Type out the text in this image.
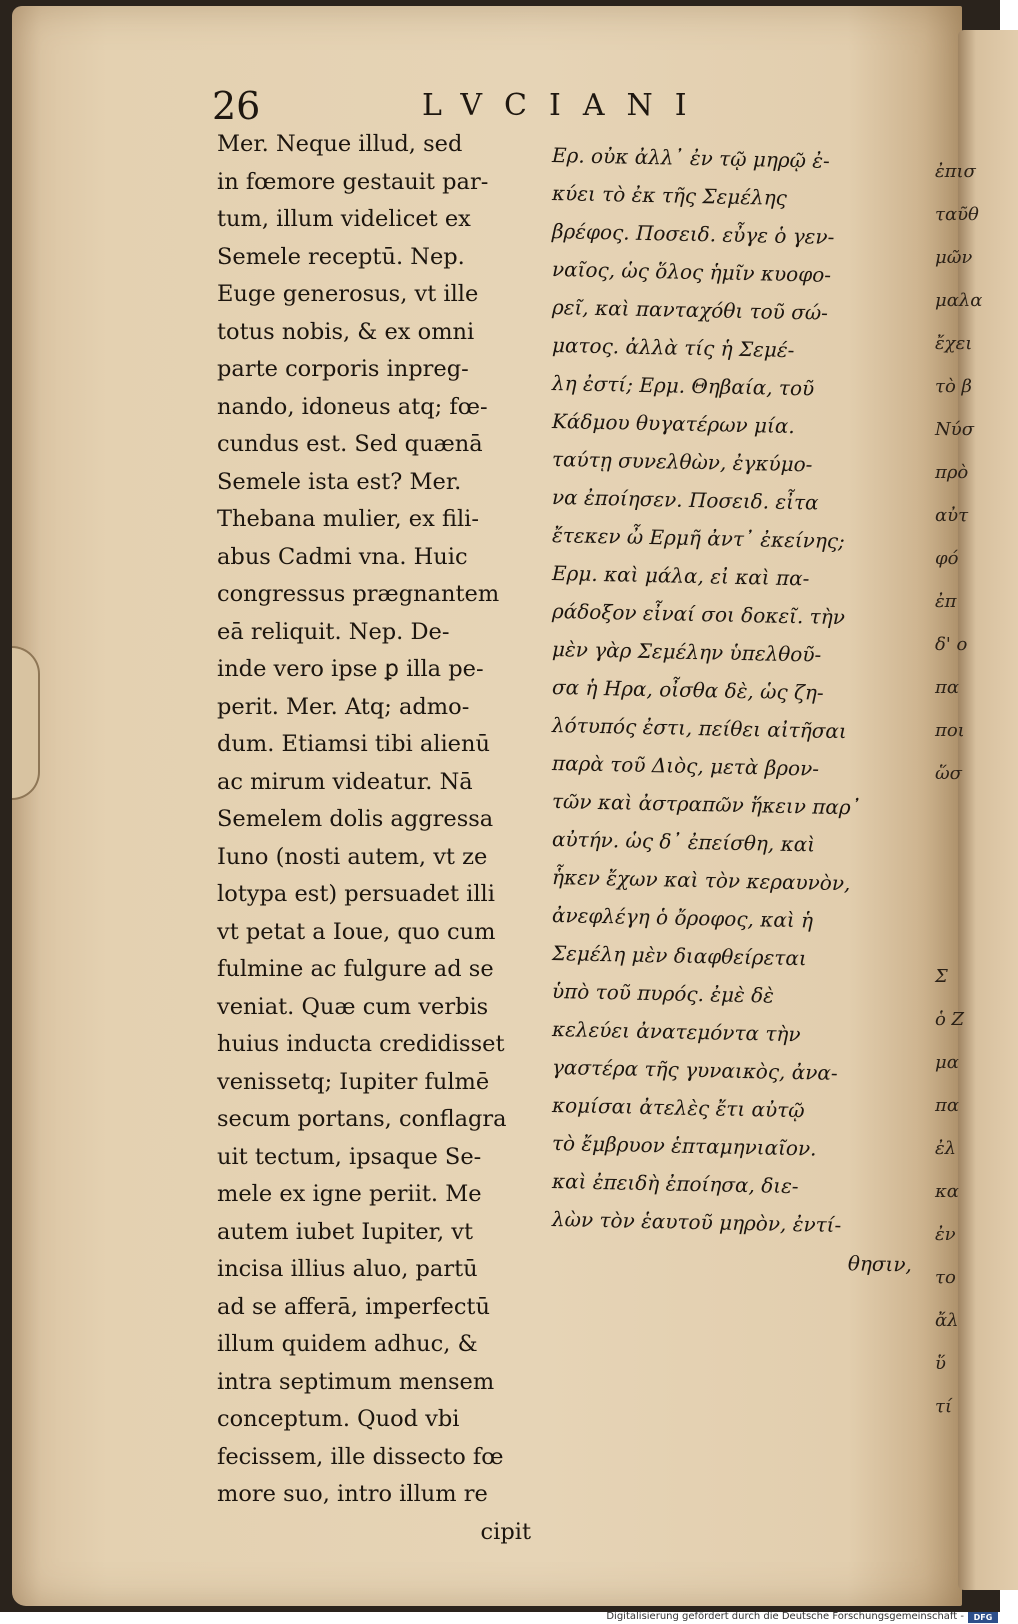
26	LVCIANI
Mer. Neque illud, sed
in fœmore gestauit par-
tum, illum videlicet ex
Semele receptū. Nep.
Euge generosus, vt ille
totus nobis, & ex omni
parte corporis inpreg-
nando, idoneus atq; fœ-
cundus est. Sed quænā
Semele ista est? Mer.
Thebana mulier, ex fili-
abus Cadmi vna. Huic
congressus prægnantem
eā reliquit. Nep. De-
inde vero ipse ꝑ illa pe-
perit. Mer. Atq; admo-
dum. Etiamsi tibi alienū
ac mirum videatur. Nā
Semelem dolis aggressa
Iuno (nosti autem, vt ze
lotypa est) persuadet illi
vt petat a Ioue, quo cum
fulmine ac fulgure ad se
veniat. Quæ cum verbis
huius inducta credidisset
venissetq; Iupiter fulmē
secum portans, conflagra
uit tectum, ipsaque Se-
mele ex igne periit. Me
autem iubet Iupiter, vt
incisa illius aluo, partū
ad se afferā, imperfectū
illum quidem adhuc, &
intra septimum mensem
conceptum. Quod vbi
fecissem, ille dissecto fœ
more suo, intro illum re
cipit
Ερ. οὐκ ἀλλ᾿ ἐν τῷ μηρῷ ἐ-
κύει τὸ ἐκ τῆς Σεμέλης
βρέφος. Ποσειδ. εὖγε ὁ γεν-
ναῖος, ὡς ὅλος ἡμῖν κυοφο-
ρεῖ, καὶ πανταχόθι τοῦ σώ-
ματος. ἀλλὰ τίς ἡ Σεμέ-
λη ἐστί; Ερμ. Θηβαία, τοῦ
Κάδμου θυγατέρων μία.
ταύτῃ συνελθὼν, ἐγκύμο-
να ἐποίησεν. Ποσειδ. εἶτα
ἔτεκεν ὦ Ερμῆ ἀντ᾿ ἐκείνης;
Ερμ. καὶ μάλα, εἰ καὶ πα-
ράδοξον εἶναί σοι δοκεῖ. τὴν
μὲν γὰρ Σεμέλην ὑπελθοῦ-
σα ἡ Ηρα, οἶσθα δὲ, ὡς ζη-
λότυπός ἐστι, πείθει αἰτῆσαι
παρὰ τοῦ Διὸς, μετὰ βρον-
τῶν καὶ ἀστραπῶν ἥκειν παρ᾿
αὐτήν. ὡς δ᾿ ἐπείσθη, καὶ
ἧκεν ἔχων καὶ τὸν κεραυνὸν,
ἀνεφλέγη ὁ ὄροφος, καὶ ἡ
Σεμέλη μὲν διαφθείρεται
ὑπὸ τοῦ πυρός. ἐμὲ δὲ
κελεύει ἀνατεμόντα τὴν
γαστέρα τῆς γυναικὸς, ἀνα-
κομίσαι ἀτελὲς ἔτι αὐτῷ
τὸ ἔμβρυον ἑπταμηνιαῖον.
καὶ ἐπειδὴ ἐποίησα, διε-
λὼν τὸν ἑαυτοῦ μηρὸν, ἐντί-
θησιν,
ἐπισ
ταῦθ
μῶν
μαλα
ἔχει
τὸ β
Νύσ
πρὸ
αὐτ
φό
ἐπ
δ' ο
πα
ποι
ὥσ
Σ
ὁ Ζ
μα
πα
ἐλ
κα
ἐν
το
ἄλ
ὕ
τί
Digitalisierung gefördert durch die Deutsche Forschungsgemeinschaft -	DFG
